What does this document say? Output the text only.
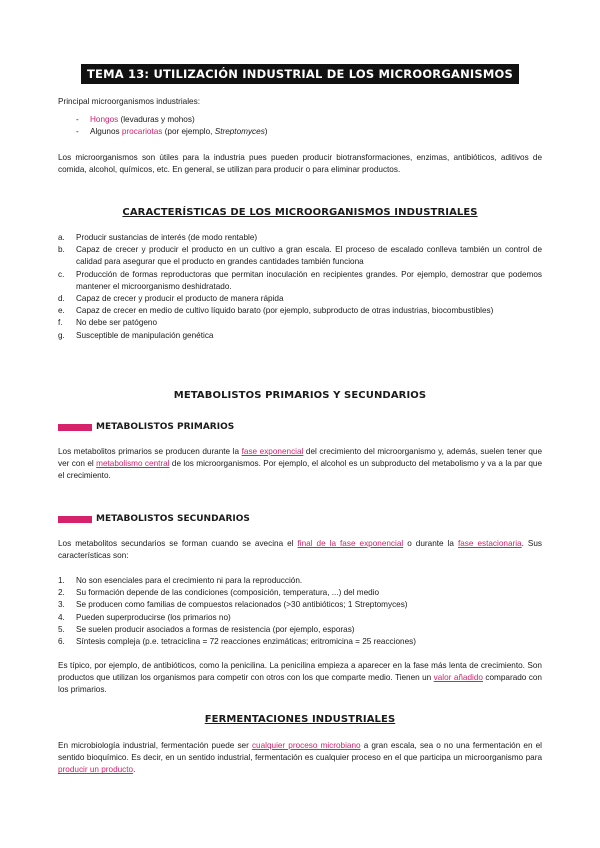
TEMA 13: UTILIZACIÓN INDUSTRIAL DE LOS MICROORGANISMOS
Principal microorganismos industriales:
- Hongos (levaduras y mohos)
- Algunos procariotas (por ejemplo, Streptomyces)
Los microorganismos son útiles para la industria pues pueden producir biotransformaciones, enzimas, antibióticos, aditivos de comida, alcohol, químicos, etc. En general, se utilizan para producir o para eliminar productos.
CARACTERÍSTICAS DE LOS MICROORGANISMOS INDUSTRIALES
a. Producir sustancias de interés (de modo rentable)
b. Capaz de crecer y producir el producto en un cultivo a gran escala. El proceso de escalado conlleva también un control de calidad para asegurar que el producto en grandes cantidades también funciona
c. Producción de formas reproductoras que permitan inoculación en recipientes grandes. Por ejemplo, demostrar que podemos mantener el microorganismo deshidratado.
d. Capaz de crecer y producir el producto de manera rápida
e. Capaz de crecer en medio de cultivo líquido barato (por ejemplo, subproducto de otras industrias, biocombustibles)
f. No debe ser patógeno
g. Susceptible de manipulación genética
METABOLISTOS PRIMARIOS Y SECUNDARIOS
METABOLISTOS PRIMARIOS
Los metabolitos primarios se producen durante la fase exponencial del crecimiento del microorganismo y, además, suelen tener que ver con el metabolismo central de los microorganismos. Por ejemplo, el alcohol es un subproducto del metabolismo y va a la par que el crecimiento.
METABOLISTOS SECUNDARIOS
Los metabolitos secundarios se forman cuando se avecina el final de la fase exponencial o durante la fase estacionaria. Sus características son:
1. No son esenciales para el crecimiento ni para la reproducción.
2. Su formación depende de las condiciones (composición, temperatura, ...) del medio
3. Se producen como familias de compuestos relacionados (>30 antibióticos; 1 Streptomyces)
4. Pueden superproducirse (los primarios no)
5. Se suelen producir asociados a formas de resistencia (por ejemplo, esporas)
6. Síntesis compleja (p.e. tetraciclina = 72 reacciones enzimáticas; eritromicina = 25 reacciones)
Es típico, por ejemplo, de antibióticos, como la penicilina. La penicilina empieza a aparecer en la fase más lenta de crecimiento. Son productos que utilizan los organismos para competir con otros con los que comparte medio. Tienen un valor añadido comparado con los primarios.
FERMENTACIONES INDUSTRIALES
En microbiología industrial, fermentación puede ser cualquier proceso microbiano a gran escala, sea o no una fermentación en el sentido bioquímico. Es decir, en un sentido industrial, fermentación es cualquier proceso en el que participa un microorganismo para producir un producto.
